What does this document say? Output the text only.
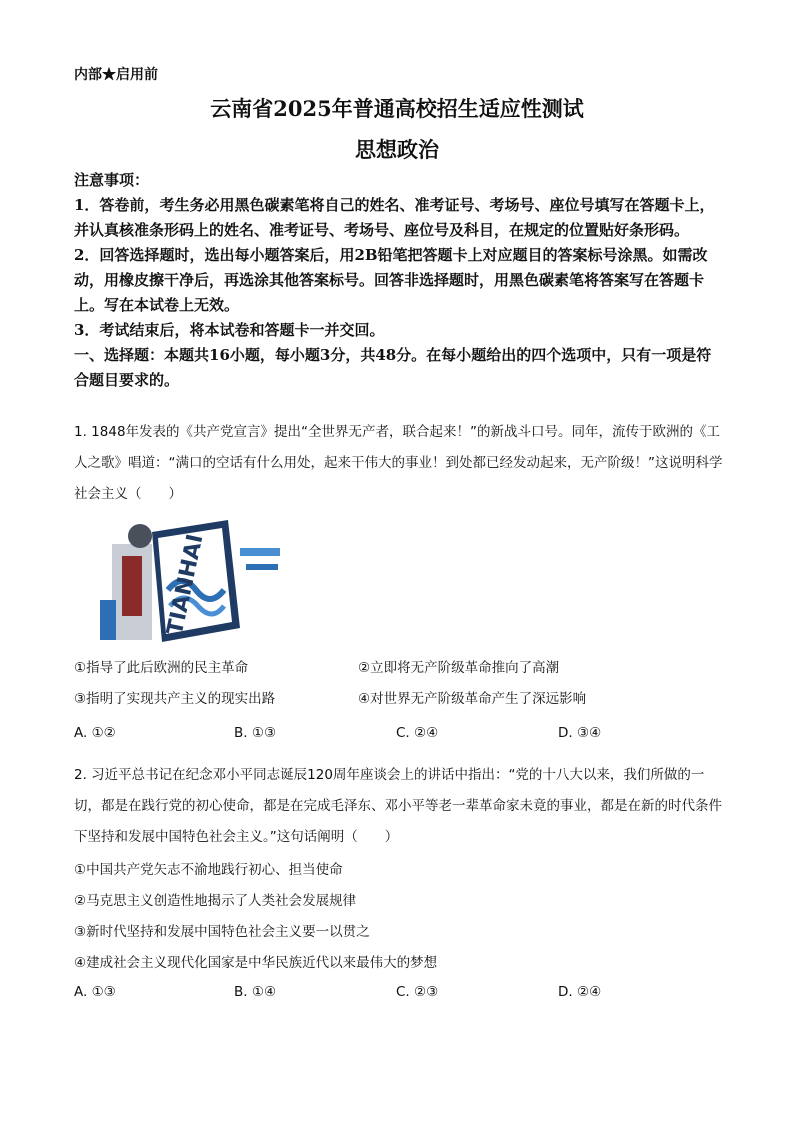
内部★启用前
云南省2025年普通高校招生适应性测试
思想政治

注意事项：

1．答卷前，考生务必用黑色碳素笔将自己的姓名、准考证号、考场号、座位号填写在答题卡上，并认真核准条形码上的姓名、准考证号、考场号、座位号及科目，在规定的位置贴好条形码。

2．回答选择题时，选出每小题答案后，用2B铅笔把答题卡上对应题目的答案标号涂黑。如需改动，用橡皮擦干净后，再选涂其他答案标号。回答非选择题时，用黑色碳素笔将答案写在答题卡上。写在本试卷上无效。

3．考试结束后，将本试卷和答题卡一并交回。

一、选择题：本题共16小题，每小题3分，共48分。在每小题给出的四个选项中，只有一项是符合题目要求的。

1. 1848年发表的《共产党宣言》提出“全世界无产者，联合起来！”的新战斗口号。同年，流传于欧洲的《工人之歌》唱道：“满口的空话有什么用处，起来干伟大的事业！到处都已经发动起来，无产阶级！”这说明科学社会主义（　　）

TIANHAI
①指导了此后欧洲的民主革命	②立即将无产阶级革命推向了高潮
③指明了实现共产主义的现实出路	④对世界无产阶级革命产生了深远影响
A. ①②	B. ①③	C. ②④	D. ③④

2. 习近平总书记在纪念邓小平同志诞辰120周年座谈会上的讲话中指出：“党的十八大以来，我们所做的一切，都是在践行党的初心使命，都是在完成毛泽东、邓小平等老一辈革命家未竟的事业，都是在新的时代条件下坚持和发展中国特色社会主义。”这句话阐明（　　）

①中国共产党矢志不渝地践行初心、担当使命
②马克思主义创造性地揭示了人类社会发展规律
③新时代坚持和发展中国特色社会主义要一以贯之
④建成社会主义现代化国家是中华民族近代以来最伟大的梦想
A. ①③	B. ①④	C. ②③	D. ②④
